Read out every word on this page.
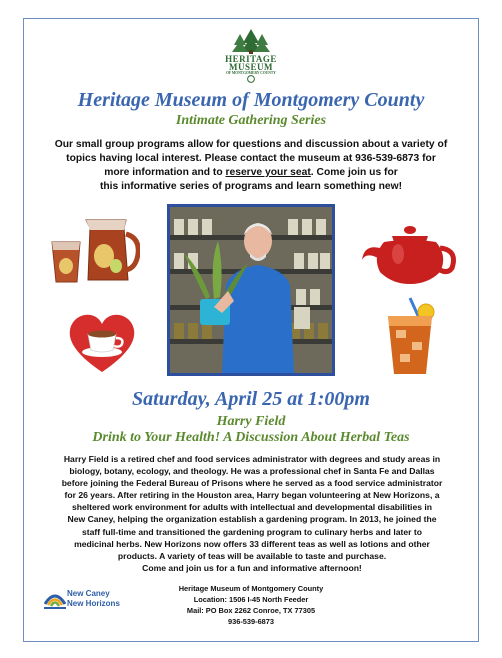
HERITAGE
MUSEUM
OF MONTGOMERY COUNTY
Heritage Museum of Montgomery County
Intimate Gathering Series
Our small group programs allow for questions and discussion about a variety of
topics having local interest. Please contact the museum at 936-539-6873 for
more information and to reserve your seat. Come join us for
this informative series of programs and learn something new!
Saturday, April 25 at 1:00pm
Harry Field
Drink to Your Health! A Discussion About Herbal Teas
Harry Field is a retired chef and food services administrator with degrees and study areas in
biology, botany, ecology, and theology. He was a professional chef in Santa Fe and Dallas
before joining the Federal Bureau of Prisons where he served as a food service administrator
for 26 years. After retiring in the Houston area, Harry began volunteering at New Horizons, a
sheltered work environment for adults with intellectual and developmental disabilities in
New Caney, helping the organization establish a gardening program. In 2013, he joined the
staff full-time and transitioned the gardening program to culinary herbs and later to
medicinal herbs. New Horizons now offers 33 different teas as well as lotions and other
products. A variety of teas will be available to taste and purchase.
Come and join us for a fun and informative afternoon!
New Caney
New Horizons
Heritage Museum of Montgomery County
Location: 1506 I-45 North Feeder
Mail: PO Box 2262 Conroe, TX 77305
936-539-6873
